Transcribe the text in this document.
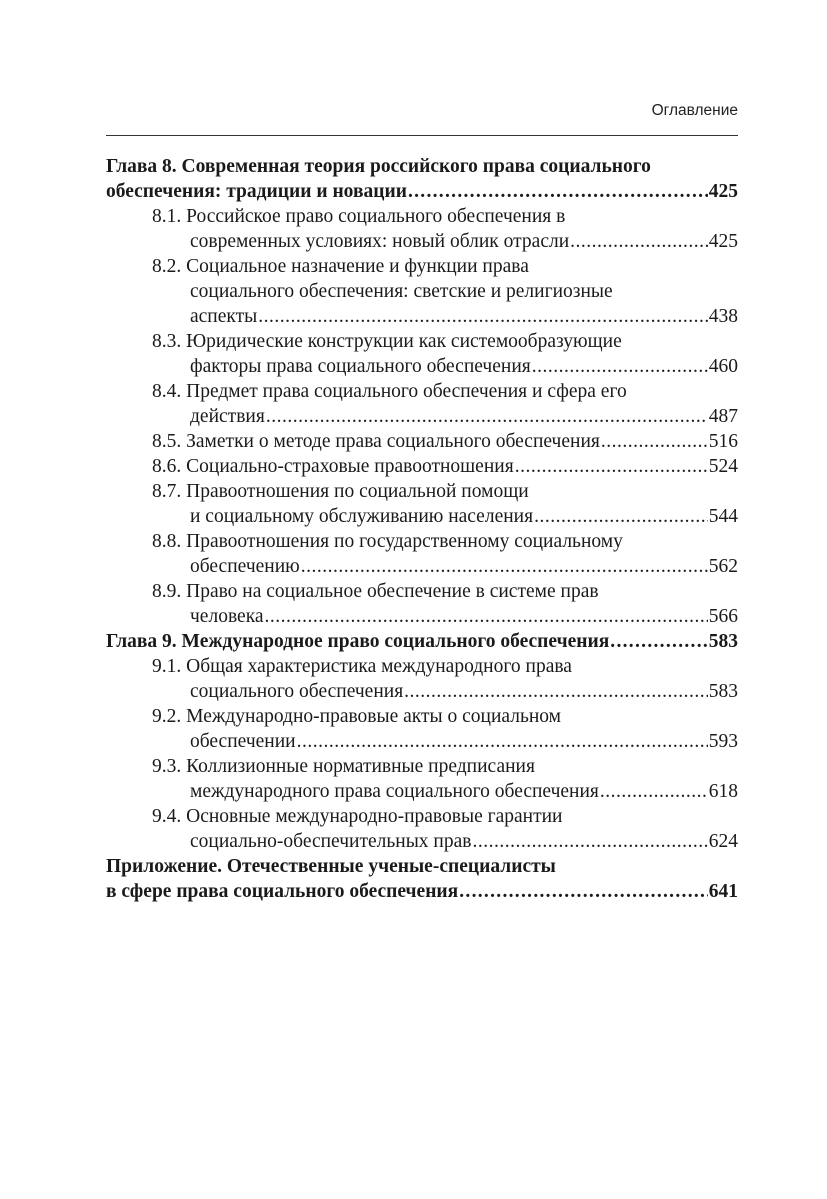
Оглавление
Глава 8. Современная теория российского права социального
обеспечения: традиции и новации .....	425
8.1. Российское право социального обеспечения в
современных условиях: новый облик отрасли .....	425
8.2. Социальное назначение и функции права
социального обеспечения: светские и религиозные
аспекты .....	438
8.3. Юридические конструкции как системообразующие
факторы права социального обеспечения .....	460
8.4. Предмет права социального обеспечения и сфера его
действия .....	487
8.5. Заметки о методе права социального обеспечения .....	516
8.6. Социально-страховые правоотношения .....	524
8.7. Правоотношения по социальной помощи
и социальному обслуживанию населения .....	544
8.8. Правоотношения по государственному социальному
обеспечению .....	562
8.9. Право на социальное обеспечение в системе прав
человека .....	566
Глава 9. Международное право социального обеспечения .....	583
9.1. Общая характеристика международного права
социального обеспечения .....	583
9.2. Международно-правовые акты о социальном
обеспечении .....	593
9.3. Коллизионные нормативные предписания
международного права социального обеспечения .....	618
9.4. Основные международно-правовые гарантии
социально-обеспечительных прав .....	624
Приложение. Отечественные ученые-специалисты
в сфере права социального обеспечения .....	641
